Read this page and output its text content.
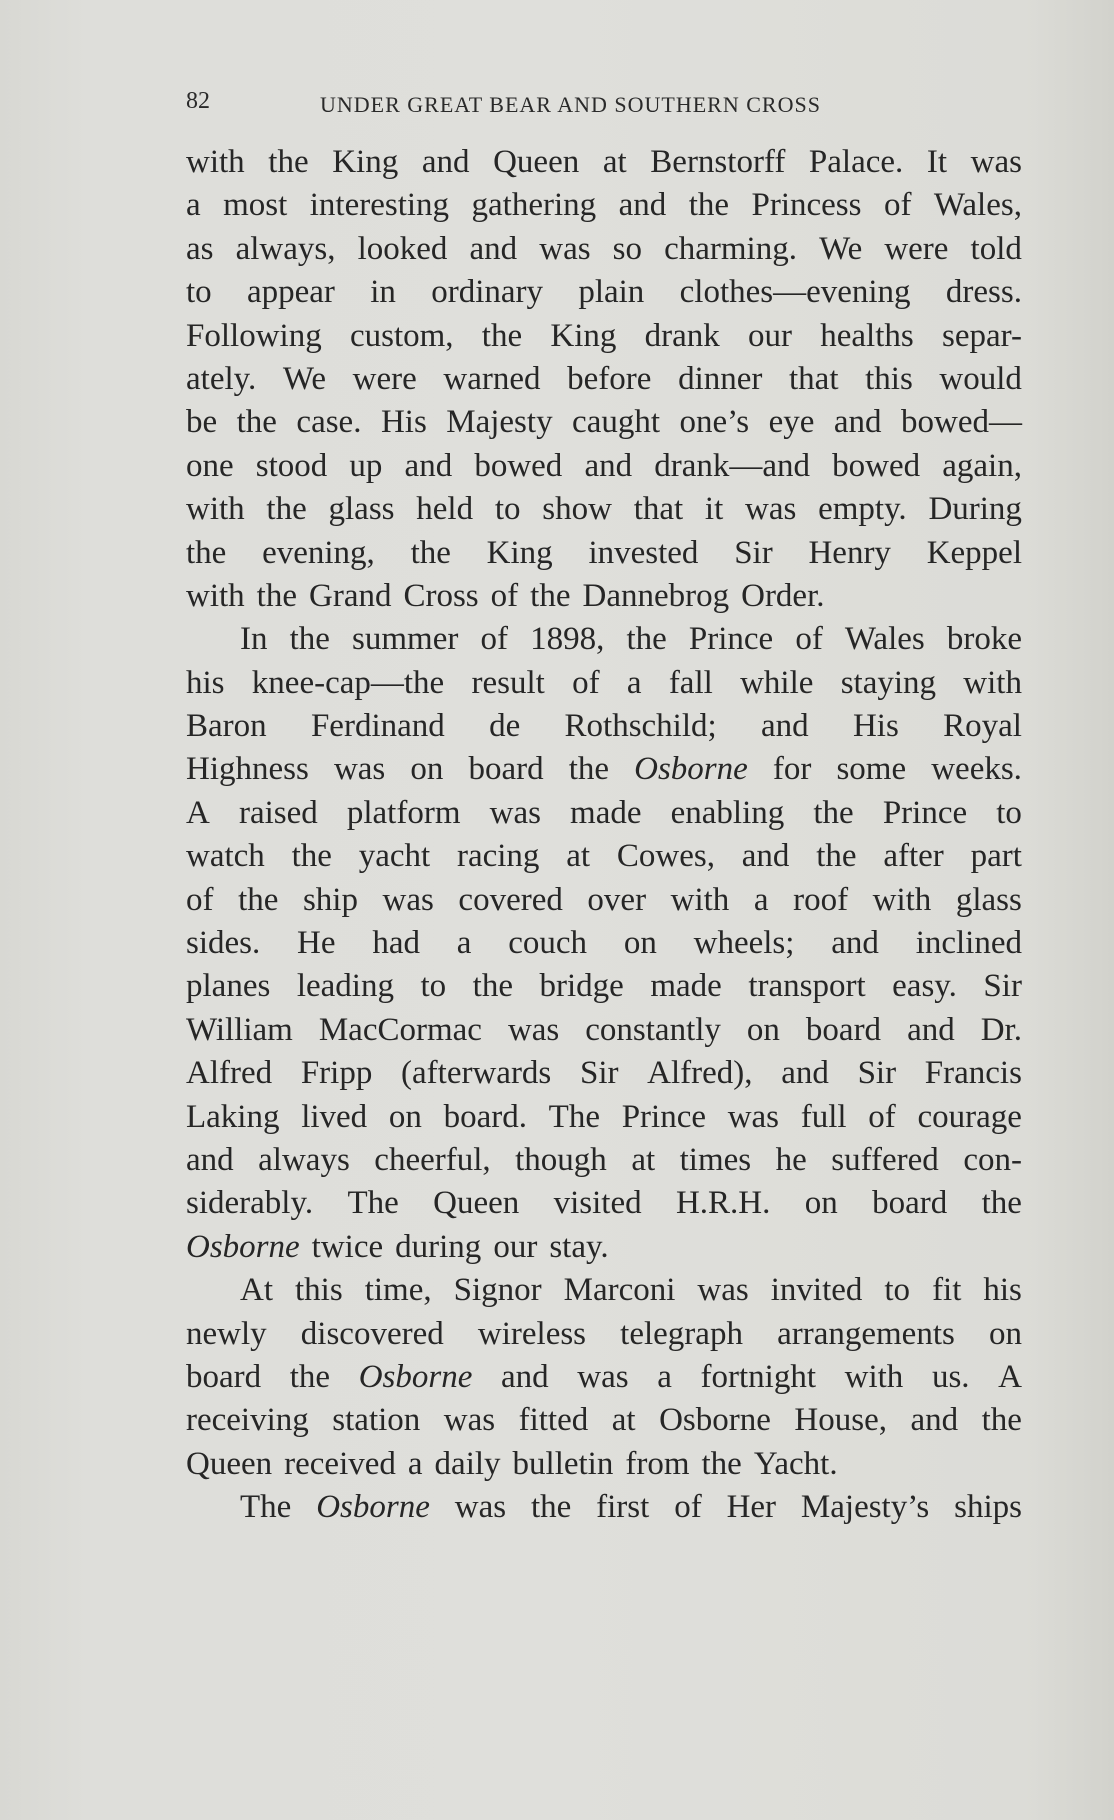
82	UNDER GREAT BEAR AND SOUTHERN CROSS
with the King and Queen at Bernstorff Palace. It was
a most interesting gathering and the Princess of Wales,
as always, looked and was so charming. We were told
to appear in ordinary plain clothes—evening dress.
Following custom, the King drank our healths separ-
ately. We were warned before dinner that this would
be the case. His Majesty caught one’s eye and bowed—
one stood up and bowed and drank—and bowed again,
with the glass held to show that it was empty. During
the evening, the King invested Sir Henry Keppel
with the Grand Cross of the Dannebrog Order.
In the summer of 1898, the Prince of Wales broke
his knee-cap—the result of a fall while staying with
Baron Ferdinand de Rothschild; and His Royal
Highness was on board the Osborne for some weeks.
A raised platform was made enabling the Prince to
watch the yacht racing at Cowes, and the after part
of the ship was covered over with a roof with glass
sides. He had a couch on wheels; and inclined
planes leading to the bridge made transport easy. Sir
William MacCormac was constantly on board and Dr.
Alfred Fripp (afterwards Sir Alfred), and Sir Francis
Laking lived on board. The Prince was full of courage
and always cheerful, though at times he suffered con-
siderably. The Queen visited H.R.H. on board the
Osborne twice during our stay.
At this time, Signor Marconi was invited to fit his
newly discovered wireless telegraph arrangements on
board the Osborne and was a fortnight with us. A
receiving station was fitted at Osborne House, and the
Queen received a daily bulletin from the Yacht.
The Osborne was the first of Her Majesty’s ships
